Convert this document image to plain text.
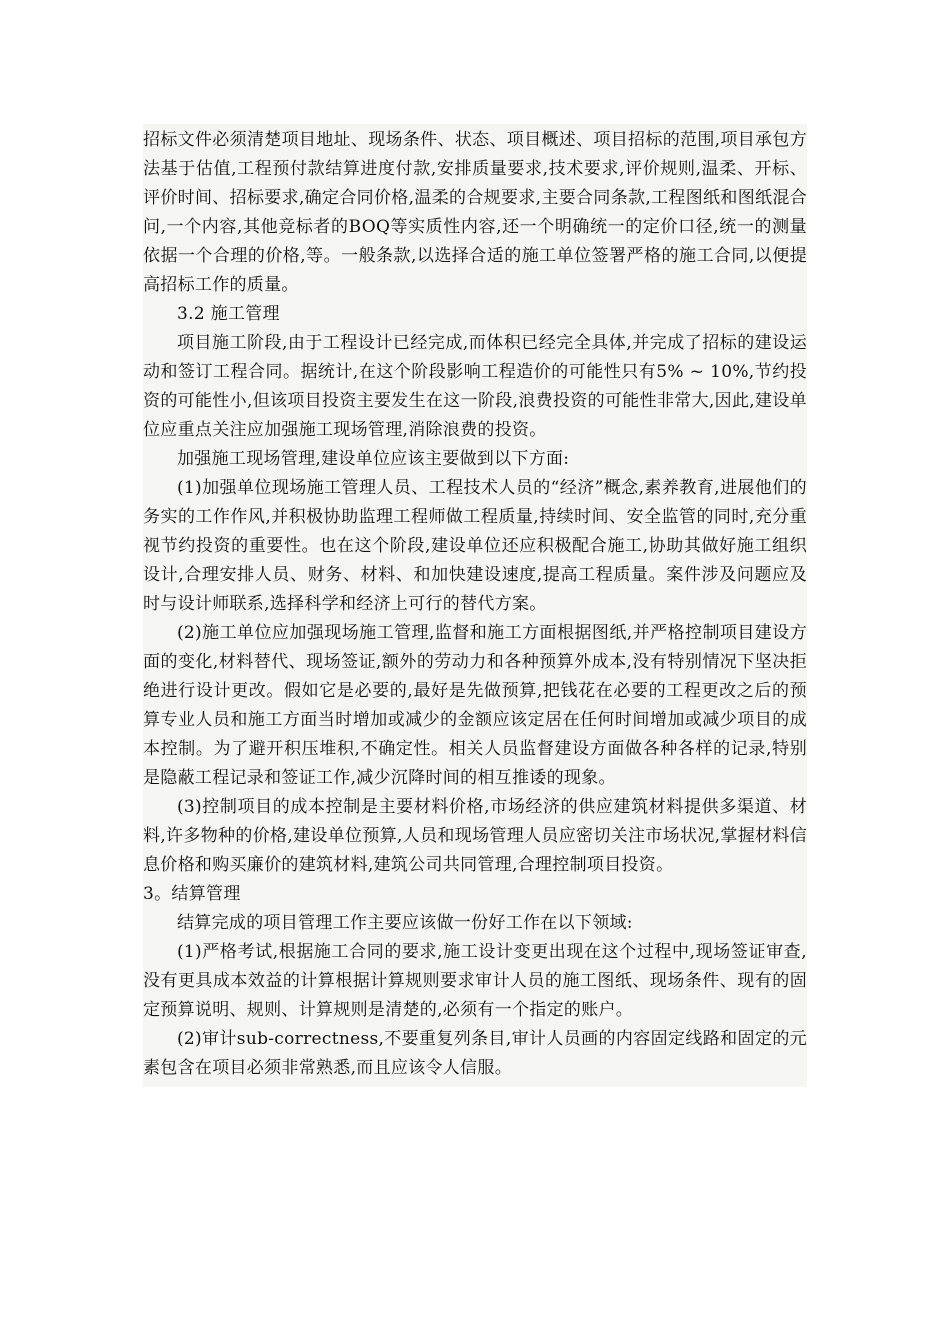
招标文件必须清楚项目地址、现场条件、状态、项目概述、项目招标的范围,项目承包方法基于估值,工程预付款结算进度付款,安排质量要求,技术要求,评价规则,温柔、开标、评价时间、招标要求,确定合同价格,温柔的合规要求,主要合同条款,工程图纸和图纸混合问,一个内容,其他竞标者的BOQ等实质性内容,还一个明确统一的定价口径,统一的测量依据一个合理的价格,等。一般条款,以选择合适的施工单位签署严格的施工合同,以便提高招标工作的质量。

3.2 施工管理

项目施工阶段,由于工程设计已经完成,而体积已经完全具体,并完成了招标的建设运动和签订工程合同。据统计,在这个阶段影响工程造价的可能性只有5% ~ 10%,节约投资的可能性小,但该项目投资主要发生在这一阶段,浪费投资的可能性非常大,因此,建设单位应重点关注应加强施工现场管理,消除浪费的投资。

加强施工现场管理,建设单位应该主要做到以下方面:

(1)加强单位现场施工管理人员、工程技术人员的“经济”概念,素养教育,进展他们的务实的工作作风,并积极协助监理工程师做工程质量,持续时间、安全监管的同时,充分重视节约投资的重要性。也在这个阶段,建设单位还应积极配合施工,协助其做好施工组织设计,合理安排人员、财务、材料、和加快建设速度,提高工程质量。案件涉及问题应及时与设计师联系,选择科学和经济上可行的替代方案。

(2)施工单位应加强现场施工管理,监督和施工方面根据图纸,并严格控制项目建设方面的变化,材料替代、现场签证,额外的劳动力和各种预算外成本,没有特别情况下坚决拒绝进行设计更改。假如它是必要的,最好是先做预算,把钱花在必要的工程更改之后的预算专业人员和施工方面当时增加或减少的金额应该定居在任何时间增加或减少项目的成本控制。为了避开积压堆积,不确定性。相关人员监督建设方面做各种各样的记录,特别是隐蔽工程记录和签证工作,减少沉降时间的相互推诿的现象。

(3)控制项目的成本控制是主要材料价格,市场经济的供应建筑材料提供多渠道、材料,许多物种的价格,建设单位预算,人员和现场管理人员应密切关注市场状况,掌握材料信息价格和购买廉价的建筑材料,建筑公司共同管理,合理控制项目投资。

3。结算管理

结算完成的项目管理工作主要应该做一份好工作在以下领域:

(1)严格考试,根据施工合同的要求,施工设计变更出现在这个过程中,现场签证审查,没有更具成本效益的计算根据计算规则要求审计人员的施工图纸、现场条件、现有的固定预算说明、规则、计算规则是清楚的,必须有一个指定的账户。

(2)审计sub-correctness,不要重复列条目,审计人员画的内容固定线路和固定的元素包含在项目必须非常熟悉,而且应该令人信服。
